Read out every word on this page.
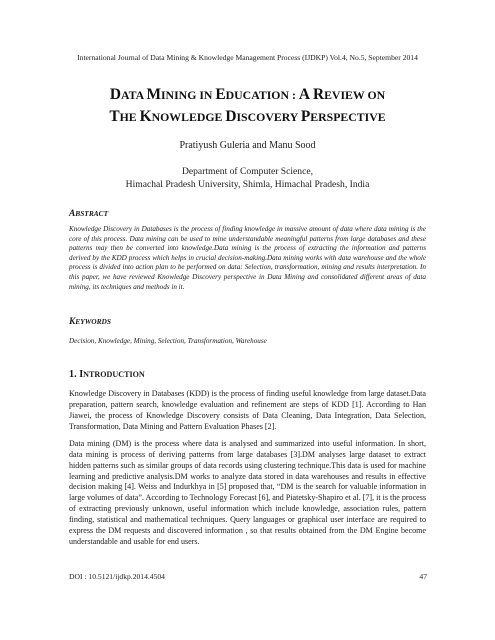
International Journal of Data Mining & Knowledge Management Process (IJDKP) Vol.4, No.5, September 2014
DATA MINING IN EDUCATION : A REVIEW ON
THE KNOWLEDGE DISCOVERY PERSPECTIVE
Pratiyush Guleria and Manu Sood
Department of Computer Science,
Himachal Pradesh University, Shimla, Himachal Pradesh, India
ABSTRACT

Knowledge Discovery in Databases is the process of finding knowledge in massive amount of data where data mining is the core of this process. Data mining can be used to mine understandable meaningful patterns from large databases and these patterns may then be converted into knowledge.Data mining is the process of extracting the information and patterns derived by the KDD process which helps in crucial decision-making.Data mining works with data warehouse and the whole process is divided into action plan to be performed on data: Selection, transformation, mining and results interpretation. In this paper, we have reviewed Knowledge Discovery perspective in Data Mining and consolidated different areas of data mining, its techniques and methods in it.

KEYWORDS

Decision, Knowledge, Mining, Selection, Transformation, Warehouse

1. INTRODUCTION

Knowledge Discovery in Databases (KDD) is the process of finding useful knowledge from large dataset.Data preparation, pattern search, knowledge evaluation and refinement are steps of KDD [1]. According to Han Jiawei, the process of Knowledge Discovery consists of Data Cleaning, Data Integration, Data Selection, Transformation, Data Mining and Pattern Evaluation Phases [2].

Data mining (DM) is the process where data is analysed and summarized into useful information. In short, data mining is process of deriving patterns from large databases [3].DM analyses large dataset to extract hidden patterns such as similar groups of data records using clustering technique.This data is used for machine learning and predictive analysis.DM works to analyze data stored in data warehouses and results in effective decision making [4]. Weiss and Indurkhya in [5] proposed that, “DM is the search for valuable information in large volumes of data”. According to Technology Forecast [6], and Piatetsky-Shapiro et al. [7], it is the process of extracting previously unknown, useful information which include knowledge, association rules, pattern finding, statistical and mathematical techniques. Query languages or graphical user interface are required to express the DM requests and discovered information , so that results obtained from the DM Engine become understandable and usable for end users.

DOI : 10.5121/ijdkp.2014.4504	47
